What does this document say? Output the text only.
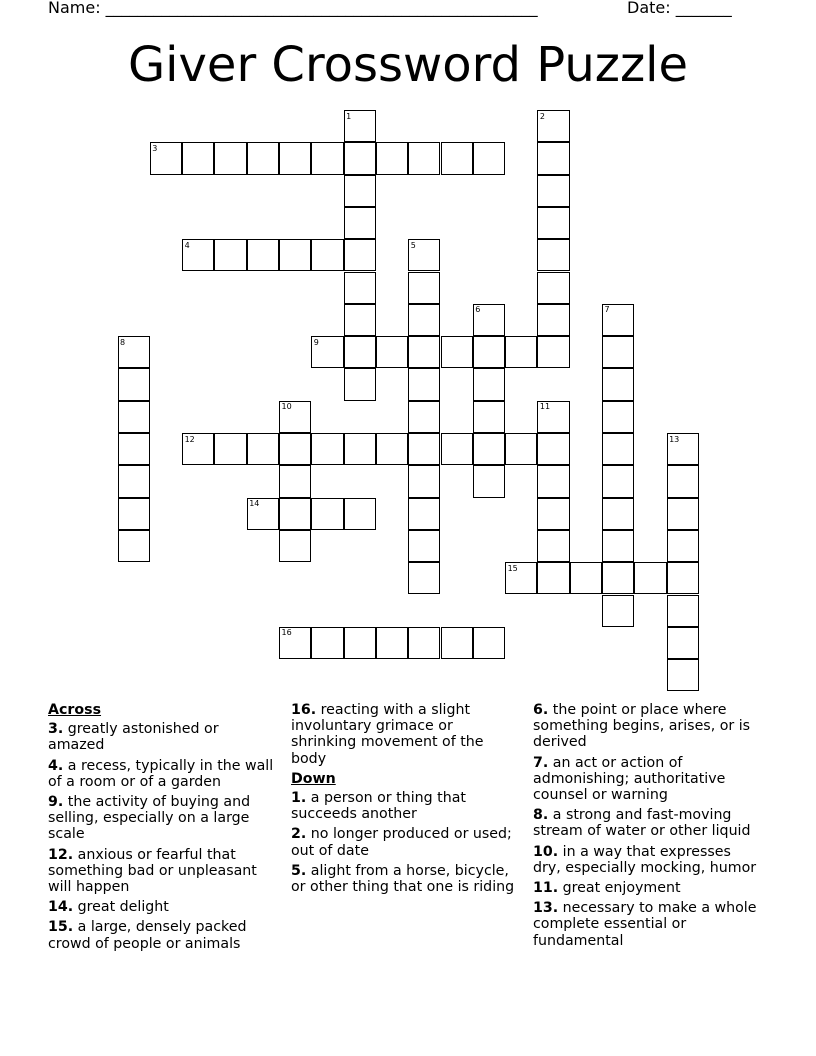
Name: ______________________________________________________	Date: _______
Giver Crossword Puzzle
1	2
3
4	5
6	7
8	9
10	11
12	13
14
15
16
Across
3. greatly astonished or amazed
4. a recess, typically in the wall of a room or of a garden
9. the activity of buying and selling, especially on a large scale
12. anxious or fearful that something bad or unpleasant will happen
14. great delight
15. a large, densely packed crowd of people or animals
16. reacting with a slight involuntary grimace or shrinking movement of the body
Down
1. a person or thing that succeeds another
2. no longer produced or used; out of date
5. alight from a horse, bicycle, or other thing that one is riding
6. the point or place where something begins, arises, or is derived
7. an act or action of admonishing; authoritative counsel or warning
8. a strong and fast-moving stream of water or other liquid
10. in a way that expresses dry, especially mocking, humor
11. great enjoyment
13. necessary to make a whole complete essential or fundamental
